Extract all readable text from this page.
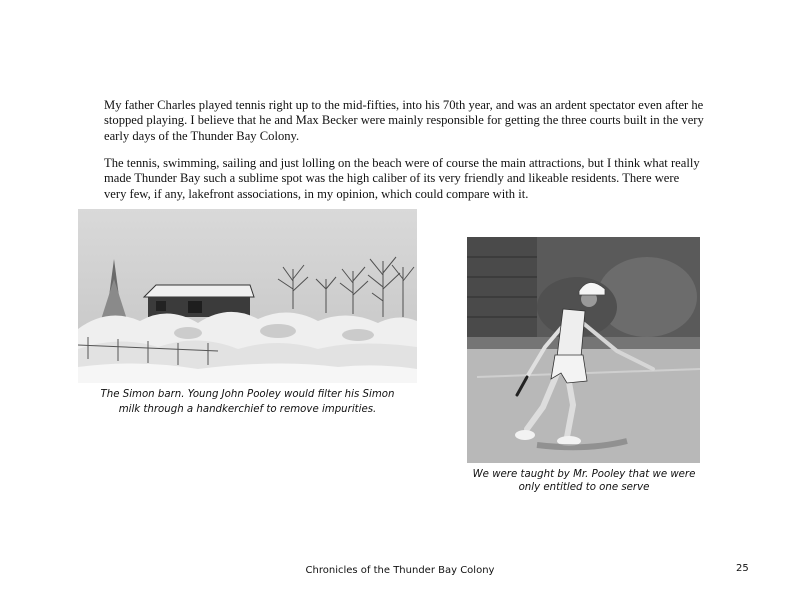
My father Charles played tennis right up to the mid-fifties, into his 70th year, and was an ardent spectator even after he stopped playing. I believe that he and Max Becker were mainly responsible for getting the three courts built in the very early days of the Thunder Bay Colony.

The tennis, swimming, sailing and just lolling on the beach were of course the main attractions, but I think what really made Thunder Bay such a sublime spot was the high caliber of its very friendly and likeable residents. There were very few, if any, lakefront associations, in my opinion, which could compare with it.

The Simon barn. Young John Pooley would filter his Simon
milk through a handkerchief to remove impurities.
We were taught by Mr. Pooley that we were
only entitled to one serve
Chronicles of the Thunder Bay Colony	25
